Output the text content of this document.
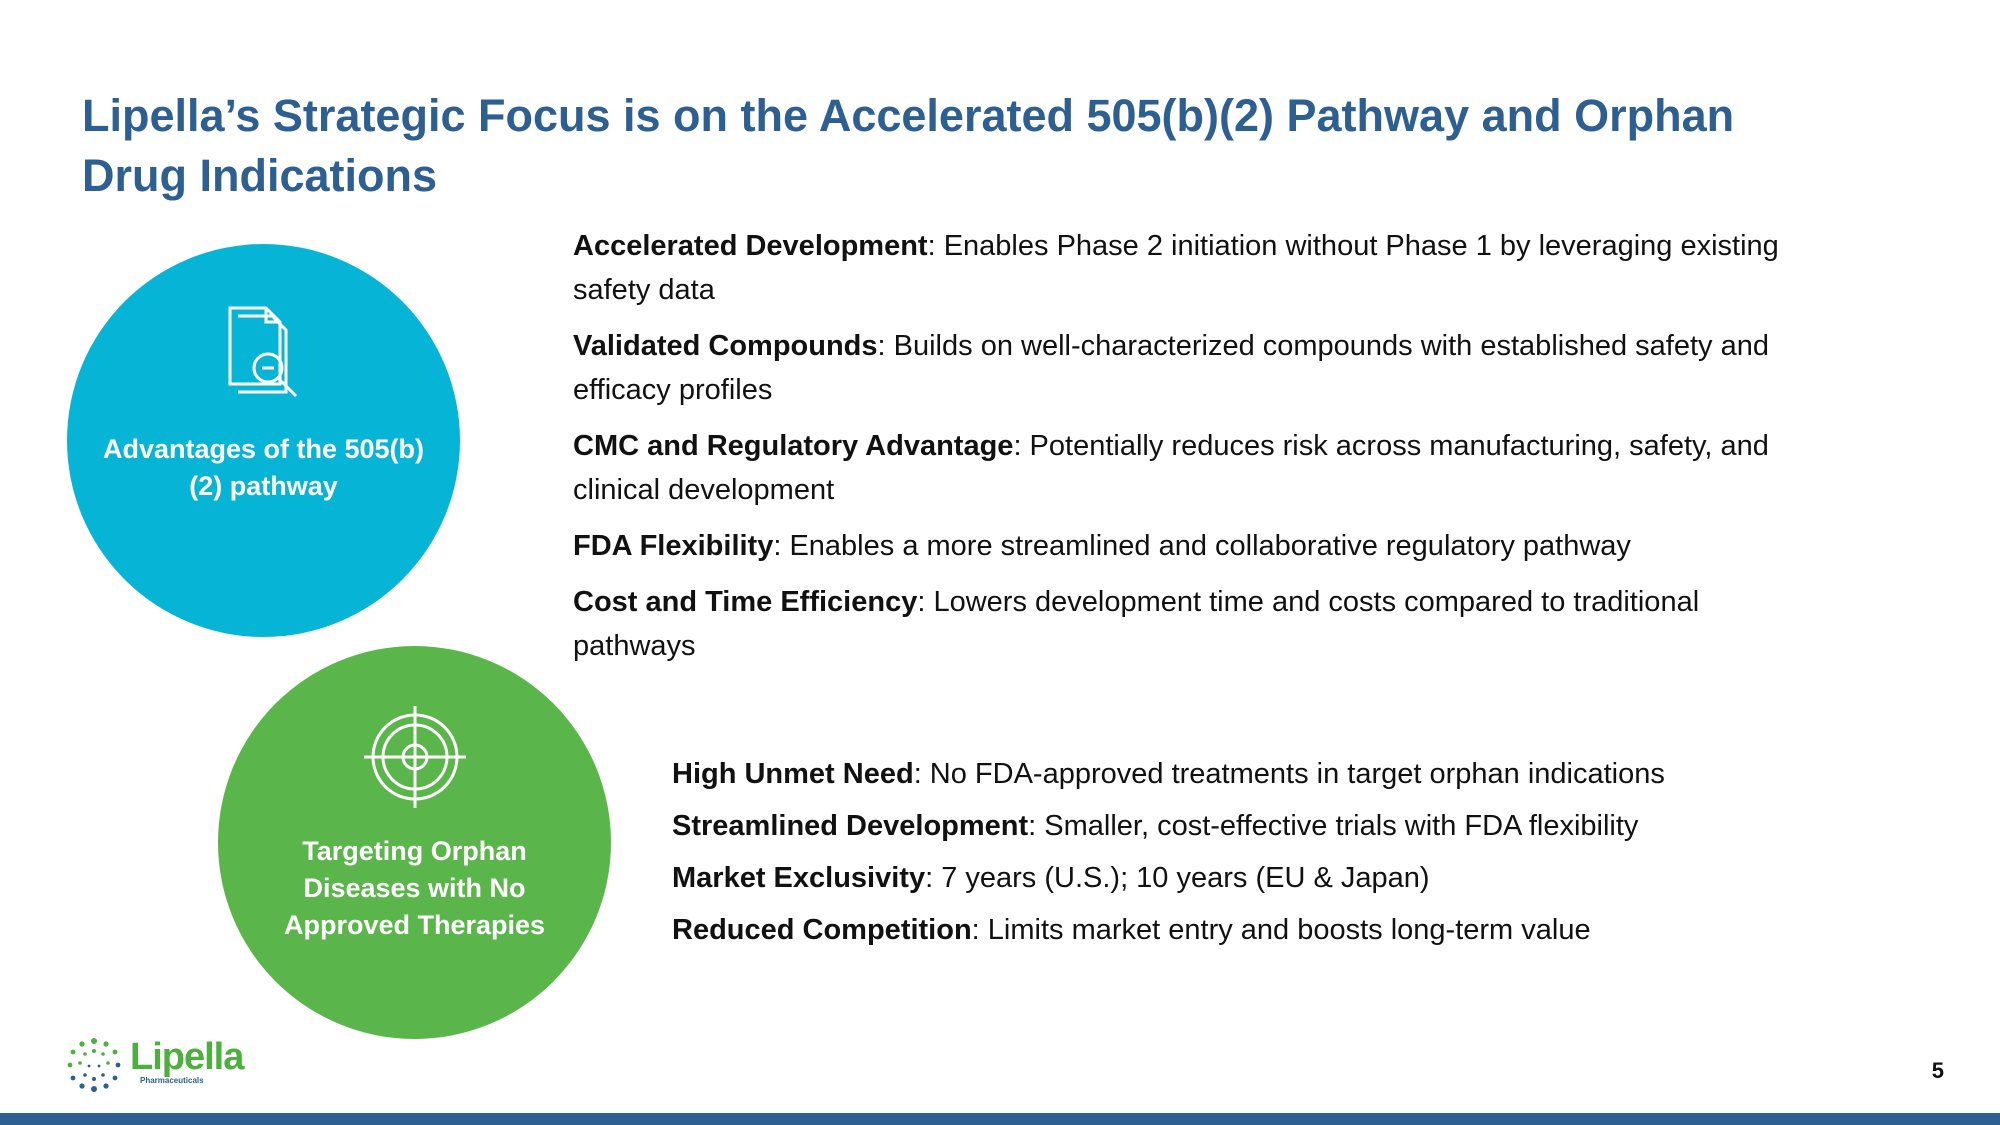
Lipella’s Strategic Focus is on the Accelerated 505(b)(2) Pathway and Orphan Drug Indications
Advantages of the 505(b)(2) pathway
Targeting Orphan Diseases with No Approved Therapies
Accelerated Development: Enables Phase 2 initiation without Phase 1 by leveraging existing safety data
Validated Compounds: Builds on well-characterized compounds with established safety and efficacy profiles
CMC and Regulatory Advantage: Potentially reduces risk across manufacturing, safety, and clinical development
FDA Flexibility: Enables a more streamlined and collaborative regulatory pathway
Cost and Time Efficiency: Lowers development time and costs compared to traditional pathways
High Unmet Need: No FDA-approved treatments in target orphan indications
Streamlined Development: Smaller, cost-effective trials with FDA flexibility
Market Exclusivity: 7 years (U.S.); 10 years (EU & Japan)
Reduced Competition: Limits market entry and boosts long-term value
Lipella
Pharmaceuticals	5
